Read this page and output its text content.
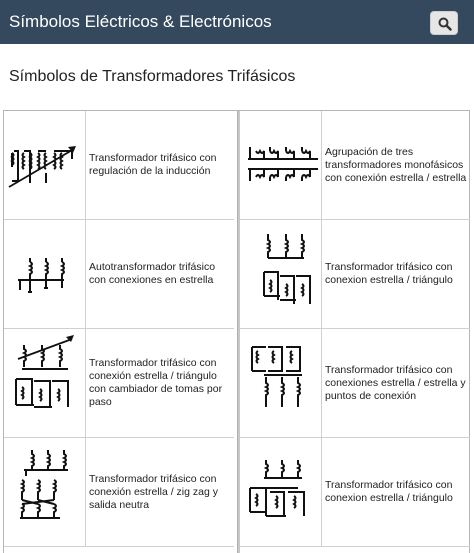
Símbolos Eléctricos & Electrónicos
Símbolos de Transformadores Trifásicos
Transformador trifásico con regulación de la inducción
Agrupación de tres transformadores monofásicos con conexión estrella / estrella
Autotransformador trifásico con conexiones en estrella
Transformador trifásico con conexion estrella / triángulo
Transformador trifásico con conexión estrella / triángulo con cambiador de tomas por paso
Transformador trifásico con conexiones estrella / estrella y puntos de conexión
Transformador trifásico con conexión estrella / zig zag y salida neutra
Transformador trifásico con conexion estrella / triángulo
